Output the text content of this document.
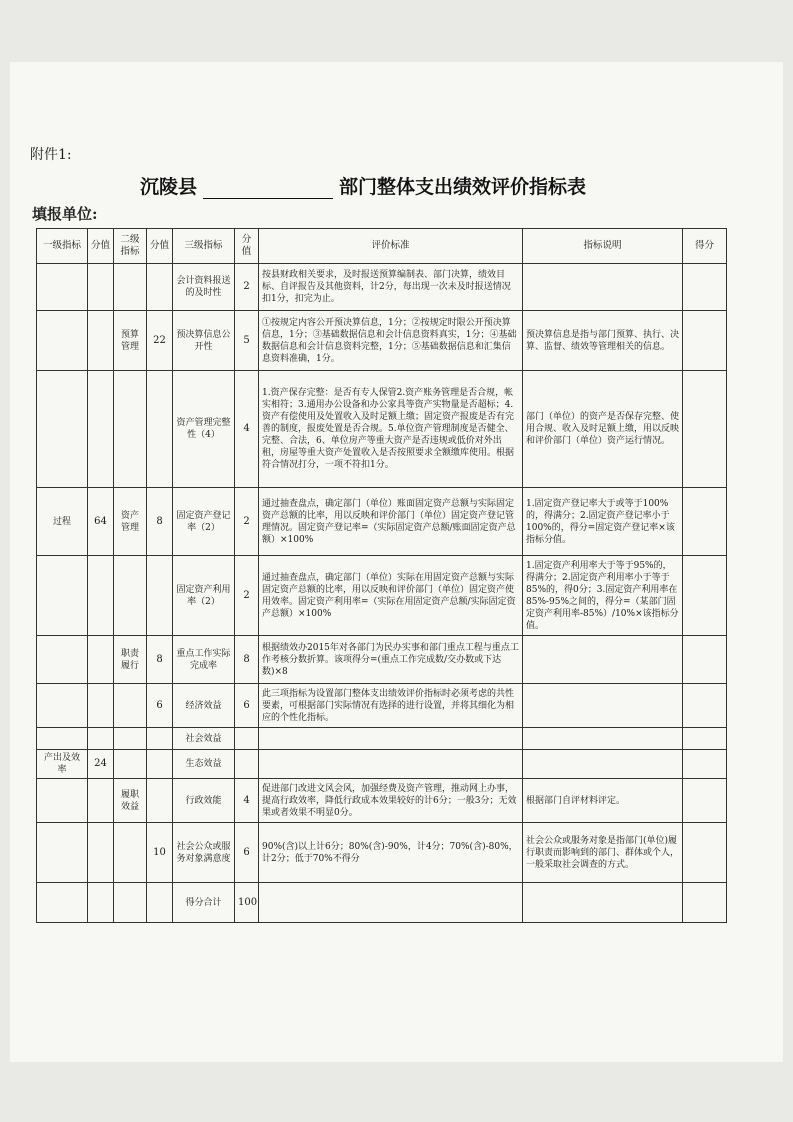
附件1:
沉陵县	部门整体支出绩效评价指标表
填报单位:
一级指标	分值	二级指标	分值	三级指标	分值	评价标准	指标说明	得分
				会计资料报送的及时性	2	按县财政相关要求，及时报送预算编制表、部门决算，绩效目标、自评报告及其他资料，计2分，每出现一次未及时报送情况扣1分，扣完为止。		
		预算管理	22	预决算信息公开性	5	①按规定内容公开预决算信息，1分；②按规定时限公开预决算信息，1分；③基础数据信息和会计信息资料真实，1分；④基础数据信息和会计信息资料完整，1分；⑤基础数据信息和汇集信息资料准确，1分。	预决算信息是指与部门预算、执行、决算、监督、绩效等管理相关的信息。	
				资产管理完整性（4）	4	1.资产保存完整：是否有专人保管2.资产账务管理是否合规，帐实相符；3.通用办公设备和办公家具等资产实物量是否超标；4.资产有偿使用及处置收入及时足额上缴；固定资产报废是否有完善的制度，报废处置是否合规。5.单位资产管理制度是否健全、完整、合法，6、单位房产等重大资产是否违规或低价对外出租，房屋等重大资产处置收入是否按照要求全额缴库使用。根据符合情况打分，一项不符扣1分。	部门（单位）的资产是否保存完整、使用合规、收入及时足额上缴，用以反映和评价部门（单位）资产运行情况。	
过程	64	资产管理	8	固定资产登记率（2）	2	通过抽查盘点，确定部门（单位）账面固定资产总额与实际固定资产总额的比率，用以反映和评价部门（单位）固定资产登记管理情况。固定资产登记率=（实际固定资产总额/账面固定资产总额）×100%	1.固定资产登记率大于或等于100%的，得满分；2.固定资产登记率小于100%的，得分=固定资产登记率×该指标分值。	
				固定资产利用率（2）	2	通过抽查盘点，确定部门（单位）实际在用固定资产总额与实际固定资产总额的比率，用以反映和评价部门（单位）固定资产使用效率。固定资产利用率=（实际在用固定资产总额/实际固定资产总额）×100%	1.固定资产利用率大于等于95%的，得满分；2.固定资产利用率小于等于85%的，得0分；3.固定资产利用率在85%-95%之间的，得分=（某部门固定资产利用率-85%）/10%×该指标分值。	
		职责履行	8	重点工作实际完成率	8	根据绩效办2015年对各部门为民办实事和部门重点工程与重点工作考核分数折算。该项得分=(重点工作完成数/交办数或下达数)×8		
			6	经济效益	6	此三项指标为设置部门整体支出绩效评价指标时必须考虑的共性要素，可根据部门实际情况有选择的进行设置，并将其细化为相应的个性化指标。		
				社会效益				
产出及效率	24			生态效益				
		履职效益		行政效能	4	促进部门改进文风会风，加强经费及资产管理，推动网上办事，提高行政效率，降低行政成本效果较好的计6分；一般3分；无效果或者效果不明显0分。	根据部门自评材料评定。	
			10	社会公众或服务对象满意度	6	90%(含)以上计6分；80%(含)-90%，计4分；70%(含)-80%，计2分；低于70%不得分	社会公众或服务对象是指部门(单位)履行职责而影响到的部门、群体或个人，一般采取社会调查的方式。	
				得分合计	100			
